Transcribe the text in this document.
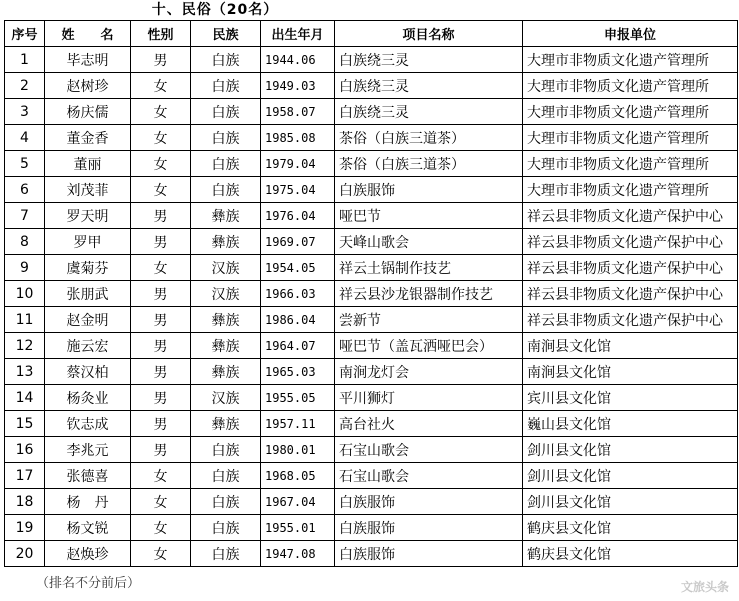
十、民俗（20名）
序号	姓　　名	性别	民族	出生年月	项目名称	申报单位
1	毕志明	男	白族	1944.06	白族绕三灵	大理市非物质文化遗产管理所
2	赵树珍	女	白族	1949.03	白族绕三灵	大理市非物质文化遗产管理所
3	杨庆儒	女	白族	1958.07	白族绕三灵	大理市非物质文化遗产管理所
4	董金香	女	白族	1985.08	茶俗（白族三道茶）	大理市非物质文化遗产管理所
5	董丽	女	白族	1979.04	茶俗（白族三道茶）	大理市非物质文化遗产管理所
6	刘茂菲	女	白族	1975.04	白族服饰	大理市非物质文化遗产管理所
7	罗天明	男	彝族	1976.04	哑巴节	祥云县非物质文化遗产保护中心
8	罗甲	男	彝族	1969.07	天峰山歌会	祥云县非物质文化遗产保护中心
9	虞菊芬	女	汉族	1954.05	祥云土锅制作技艺	祥云县非物质文化遗产保护中心
10	张朋武	男	汉族	1966.03	祥云县沙龙银器制作技艺	祥云县非物质文化遗产保护中心
11	赵金明	男	彝族	1986.04	尝新节	祥云县非物质文化遗产保护中心
12	施云宏	男	彝族	1964.07	哑巴节（盖瓦洒哑巴会）	南涧县文化馆
13	蔡汉柏	男	彝族	1965.03	南涧龙灯会	南涧县文化馆
14	杨灸业	男	汉族	1955.05	平川狮灯	宾川县文化馆
15	钦志成	男	彝族	1957.11	高台社火	巍山县文化馆
16	李兆元	男	白族	1980.01	石宝山歌会	剑川县文化馆
17	张德喜	女	白族	1968.05	石宝山歌会	剑川县文化馆
18	杨　丹	女	白族	1967.04	白族服饰	剑川县文化馆
19	杨文锐	女	白族	1955.01	白族服饰	鹤庆县文化馆
20	赵焕珍	女	白族	1947.08	白族服饰	鹤庆县文化馆
（排名不分前后）	文旅头条
